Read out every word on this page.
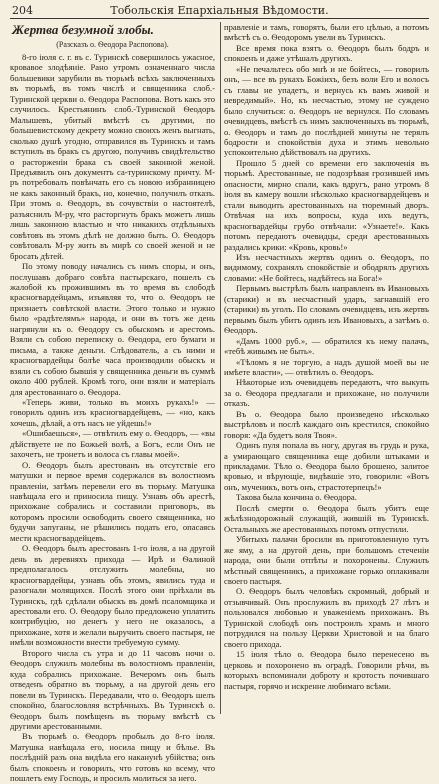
204	Тобольскія Епархіальныя Вѣдомости.
Жертва безумной злобы.
(Разсказъ о. Ѳеодора Распопова).

8-го іюля с. г. въ с. Туринскѣ совершилось ужасное, кровавое злодѣяніе. Рано утромъ означеннаго числа большевики зарубили въ тюрьмѣ всѣхъ заключенныхъ въ тюрьмѣ, въ томъ числѣ и священника слоб.-Туринской церкви о. Ѳеодора Распопова. Вотъ какъ это случилось. Крестьянинъ слоб.-Туринской Ѳеодоръ Малышевъ, убитый вмѣстѣ съ другими, по большевистскому декрету можно своихъ женъ выгнать, сколько душѣ угодно, отправился въ Туринскъ и тамъ вступилъ въ бракъ съ другою, получивъ свидѣтельство о расторженіи брака съ своей законной женой. Предъявилъ онъ документъ са-туринскому причту. М-ръ потребовалъ повѣнчать его съ новою избранницею не какъ законный бракъ, но, конечно, получилъ отказъ. При этомъ о. Ѳеодоръ, въ сочувствіи о настоятелѣ, разъяснилъ М-ру, что расторгнуть бракъ можетъ лишь лишь законною властью и что никакихъ отдѣльныхъ совѣтовъ въ этомъ дѣлѣ не должно быть. О. Ѳеодоръ совѣтовалъ М-ру жить въ мирѣ со своей женой и не бросать дѣтей.

По этому поводу начались съ нимъ споры, и онъ, послушавъ добраго совѣта пастырскаго, пошелъ съ жалобой къ прожившимъ въ то время въ слободѣ красногвардейцамъ, изъявляя то, что о. Ѳеодоръ не признаетъ совѣтской власти. Этого только и нужно было «радѣтелямъ» народа, и они въ тотъ же день нагрянули къ о. Ѳеодору съ обыскомъ и арестомъ. Взяли съ собою переписку о. Ѳеодора, его бумаги и письма, а также деньги. Слѣдователь, а съ ними и красногвардейцы болѣе часа производили обыскъ и взяли съ собою бывшія у священника деньги въ суммѣ около 400 рублей. Кромѣ того, они взяли и матеріалъ для арестованнаго о. Ѳеодора.

«Теперь живи, только въ моихъ рукахъ!» — говорилъ одинъ изъ красногвардейцевъ, — «но, какъ хочешь, дѣлай, а отъ насъ не уйдешь!»

«Ошибаешься», — отвѣтилъ ему о. Ѳеодоръ, — «вы дѣйствуете не по Божьей волѣ, а Богъ, если Онъ не захочетъ, не тронетъ и волоса съ главы моей».

О. Ѳеодоръ былъ арестованъ въ отсутствіе его матушки и первое время содержался въ волостномъ правленіи, затѣмъ перевели его въ тюрьму. Матушка навѣщала его и приносила пищу. Узнавъ объ арестѣ, прихожане собрались и составили приговоръ, въ которомъ просили освободить своего священника, но будучи запуганы, не рѣшились подать его, опасаясь мести красногвардейцевъ.

О. Ѳеодоръ былъ арестованъ 1-го іюля, а на другой день въ деревняхъ прихода — Ирѣ и Ѳалиной предполагалось отслужить молебны, но красногвардейцы, узнавъ объ этомъ, явились туда и разогнали молящихся. Послѣ этого они пріѣхали въ Туринскъ, гдѣ сдѣлали обыскъ въ домѣ псаломщика и арестовали его. О. Ѳеодору было предложено уплатить контрибуцію, но денегъ у него не оказалось, а прихожане, хотя и желали выручить своего пастыря, не имѣли возможности внести требуемую сумму.

Второго числа съ утра и до 11 часовъ ночи о. Ѳеодоръ служилъ молебны въ волостномъ правленіи, куда собрались прихожане. Вечеромъ онъ былъ отведенъ обратно въ тюрьму, а на другой день его повели въ Туринскъ. Передавали, что о. Ѳеодоръ шелъ спокойно, благословляя встрѣчныхъ. Въ Туринскѣ о. Ѳеодоръ былъ помѣщенъ въ тюрьму вмѣстѣ съ другими арестованными.

Въ тюрьмѣ о. Ѳеодоръ пробылъ до 8-го іюля. Матушка навѣщала его, носила пищу и бѣлье. Въ послѣдній разъ она видѣла его наканунѣ убійства; онъ былъ спокоенъ и говорилъ, что готовъ ко всему, что пошлетъ ему Господь, и просилъ молиться за него.

правленіе и тамъ, говорятъ, были его цѣлью, а потомъ вмѣстѣ съ о. Ѳеодоромъ увели въ Туринскъ.

Все время пока взятъ о. Ѳеодоръ былъ бодръ и спокоенъ и даже утѣшалъ другихъ.

«Не печальтесь обо мнѣ и не бойтесь, — говорилъ онъ, — все въ рукахъ Божіихъ, безъ воли Его и волосъ съ главы не упадетъ, и вернусь къ вамъ живой и невредимый». Но, къ несчастью, этому не суждено было случиться: о. Ѳеодоръ не вернулся. По словамъ очевидцевъ, вмѣстѣ съ нимъ заключенныхъ въ тюрьмѣ, о. Ѳеодоръ и тамъ до послѣдней минуты не терялъ бодрости и спокойствія духа и этимъ невольно успокоительно дѣйствовалъ на другихъ.

Прошло 5 дней со времени его заключенія въ тюрьмѣ. Арестованные, не подозрѣвая грозившей имъ опасности, мирно спали, какъ вдругъ, рано утромъ 8 іюля въ камеру вошли нѣсколько красногвардейцевъ и стали выводить арестованныхъ на тюремный дворъ. Отвѣчая на ихъ вопросы, куда ихъ ведутъ, красногвардейцы грубо отвѣчали: «Узнаете!». Какъ потомъ передаютъ очевидцы, среди арестованныхъ раздались крики: «Кровь, кровь!»

Изъ несчастныхъ жертвъ одинъ о. Ѳеодоръ, по видимому, сохранялъ спокойствіе и ободрялъ другихъ словами: «Не бойтесь, надѣйтесь на Бога!»

Первымъ выстрѣлъ былъ направленъ въ Ивановыхъ (старики) и въ несчастный ударъ, загнавшій его (старики) въ уголъ. По словамъ очевидцевъ, изъ жертвъ первымъ былъ убитъ одинъ изъ Ивановыхъ, а затѣмъ о. Ѳеодоръ.

«Дамъ 1000 руб.», — обратился къ нему палачъ, «тебѣ живымъ не быть».

«Тѣломъ я не торгую, а надъ душой моей вы не имѣете власти», — отвѣтилъ о. Ѳеодоръ.

Нѣкоторые изъ очевидцевъ передаютъ, что выкупъ за о. Ѳеодора предлагали и прихожане, но получили отказъ.

Въ о. Ѳеодора было произведено нѣсколько выстрѣловъ и послѣ каждаго онъ крестился, спокойно говоря: «Да будетъ воля Твоя».

Одинъ пуля попала въ ногу, другая въ грудь и рука, а умирающаго священника еще добили штыками и прикладами. Тѣло о. Ѳеодора было брошено, залитое кровью, и вѣрующіе, видѣвшіе это, говорили: «Вотъ онъ, мученикъ, вотъ онъ, страстотерпецъ!»

Такова была кончина о. Ѳеодора.

Послѣ смерти о. Ѳеодора былъ убитъ еще жѣлѣзнодорожный служащій, жившій въ Туринскѣ. Остальныхъ же арестованныхъ потомъ отпустили.

Убитыхъ палачи бросили въ приготовленную тутъ же яму, а на другой день, при большомъ стеченіи народа, они были отпѣты и похоронены. Служилъ мѣстный священникъ, а прихожане горько оплакивали своего пастыря.

О. Ѳеодоръ былъ человѣкъ скромный, добрый и отзывчивый. Онъ прослужилъ въ приходѣ 27 лѣтъ и пользовался любовью и уваженіемъ прихожанъ. Въ Туринской слободѣ онъ построилъ храмъ и много потрудился на пользу Церкви Христовой и на благо своего прихода.

15 іюля тѣло о. Ѳеодора было перенесено въ церковь и похоронено въ оградѣ. Говорили рѣчи, въ которыхъ вспоминали доброту и кротость почившаго пастыря, горячо и искренне любимаго всѣми.
